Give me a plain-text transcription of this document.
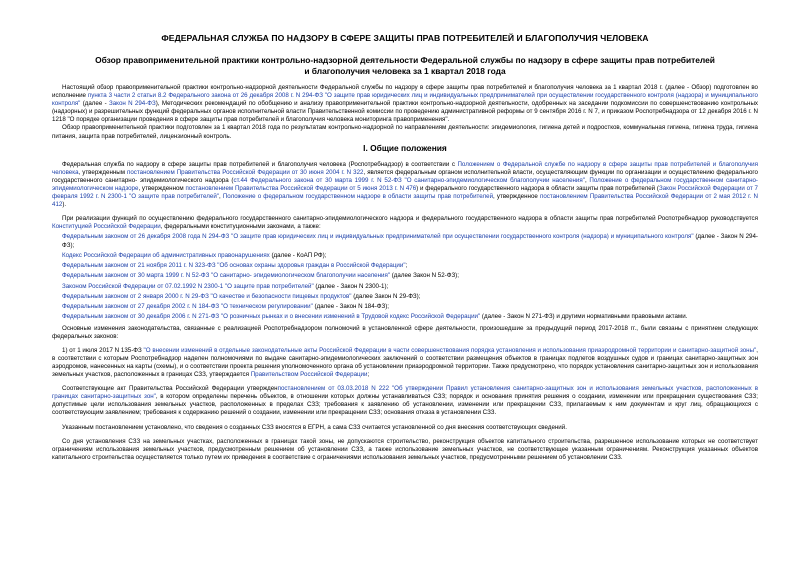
ФЕДЕРАЛЬНАЯ СЛУЖБА ПО НАДЗОРУ В СФЕРЕ ЗАЩИТЫ ПРАВ ПОТРЕБИТЕЛЕЙ И БЛАГОПОЛУЧИЯ ЧЕЛОВЕКА
Обзор правоприменительной практики контрольно-надзорной деятельности Федеральной службы по надзору в сфере защиты прав потребителей и благополучия человека за 1 квартал 2018 года

Настоящий обзор правоприменительной практики контрольно-надзорной деятельности Федеральной службы по надзору в сфере защиты прав потребителей и благополучия человека за 1 квартал 2018 г. (далее - Обзор) подготовлен во исполнение пункта 3 части 2 статьи 8.2 Федерального закона от 26 декабря 2008 г. N 294-ФЗ "О защите прав юридических лиц и индивидуальных предпринимателей при осуществлении государственного контроля (надзора) и муниципального контроля" (далее - Закон N 294-ФЗ), Методических рекомендаций по обобщению и анализу правоприменительной практики контрольно-надзорной деятельности, одобренных на заседании подкомиссии по совершенствованию контрольных (надзорных) и разрешительных функций федеральных органов исполнительной власти Правительственной комиссии по проведению административной реформы от 9 сентября 2016 г. N 7, и приказом Роспотребнадзора от 12 декабря 2016 г. N 1218 "О порядке организации проведения в сфере защиты прав потребителей и благополучия человека мониторинга правоприменения".

Обзор правоприменительной практики подготовлен за 1 квартал 2018 года по результатам контрольно-надзорной по направлениям деятельности: эпидемиология, гигиена детей и подростков, коммунальная гигиена, гигиена труда, гигиена питания, защита прав потребителей, лицензионный контроль.

I. Общие положения

Федеральная служба по надзору в сфере защиты прав потребителей и благополучия человека (Роспотребнадзор) в соответствии с Положением о Федеральной службе по надзору в сфере защиты прав потребителей и благополучия человека, утвержденным постановлением Правительства Российской Федерации от 30 июня 2004 г. N 322, является федеральным органом исполнительной власти, осуществляющим функции по организации и осуществлению федерального государственного санитарно- эпидемиологического надзора (ст.44 Федерального закона от 30 марта 1999 г. N 52-ФЗ "О санитарно-эпидемиологическом благополучии населения", Положение о федеральном государственном санитарно-эпидемиологическом надзоре, утвержденном постановлением Правительства Российской Федерации от 5 июня 2013 г. N 476) и федерального государственного надзора в области защиты прав потребителей (Закон Российской Федерации от 7 февраля 1992 г. N 2300-1 "О защите прав потребителей", Положение о федеральном государственном надзоре в области защиты прав потребителей, утвержденное постановлением Правительства Российской Федерации от 2 мая 2012 г. N 412).

При реализации функций по осуществлению федерального государственного санитарно-эпидемиологического надзора и федерального государственного надзора в области защиты прав потребителей Роспотребнадзор руководствуется Конституцией Российской Федерации, федеральными конституционными законами, а также:

Федеральным законом от 26 декабря 2008 года N 294-ФЗ "О защите прав юридических лиц и индивидуальных предпринимателей при осуществлении государственного контроля (надзора) и муниципального контроля" (далее - Закон N 294-ФЗ);

Кодекс Российской Федерации об административных правонарушениях (далее - КоАП РФ);

Федеральным законом от 21 ноября 2011 г. N 323-ФЗ "Об основах охраны здоровья граждан в Российской Федерации";

Федеральным законом от 30 марта 1999 г. N 52-ФЗ "О санитарно- эпидемиологическом благополучии населения" (далее Закон N 52-ФЗ);

Законом Российской Федерации от 07.02.1992 N 2300-1 "О защите прав потребителей" (далее - Закон N 2300-1);

Федеральным законом от 2 января 2000 г. N 29-ФЗ "О качестве и безопасности пищевых продуктов" (далее Закон N 29-ФЗ);

Федеральным законом от 27 декабря 2002 г. N 184-ФЗ "О техническом регулировании" (далее - Закон N 184-ФЗ);

Федеральным законом от 30 декабря 2006 г. N 271-ФЗ "О розничных рынках и о внесении изменений в Трудовой кодекс Российской Федерации" (далее - Закон N 271-ФЗ) и другими нормативными правовыми актами.

Основные изменения законодательства, связанные с реализацией Роспотребнадзором полномочий в установленной сфере деятельности, произошедшие за предыдущий период 2017-2018 гг., были связаны с принятием следующих федеральных законов:

1) от 1 июля 2017 N 135-ФЗ "О внесении изменений в отдельные законодательные акты Российской Федерации в части совершенствования порядка установления и использования приаэродромной территории и санитарно-защитной зоны", в соответствии с которым Роспотребнадзор наделен полномочиями по выдаче санитарно-эпидемиологических заключений о соответствии размещения объектов в границах подлетов воздушных судов и границах санитарно-защитных зон аэродромов, нанесенных на карты (схемы), и о соответствии проекта решения уполномоченного органа об установлении приаэродромной территории. Также предусмотрено, что порядок установления санитарно-защитных зон и использования земельных участков, расположенных в границах СЗЗ, утверждается Правительством Российской Федерации;

Соответствующие акт Правительства Российской Федерации утвержденпостановлением от 03.03.2018 N 222 "Об утверждении Правил установления санитарно-защитных зон и использования земельных участков, расположенных в границах санитарно-защитных зон", в котором определены перечень объектов, в отношении которых должны устанавливаться СЗЗ; порядок и основания принятия решения о создании, изменении или прекращении существования СЗЗ; допустимые цели использования земельных участков, расположенных в пределах СЗЗ; требования к заявлению об установлении, изменении или прекращении СЗЗ, прилагаемым к ним документам и круг лиц, обращающихся с соответствующим заявлением; требования к содержанию решений о создании, изменении или прекращении СЗЗ; основания отказа в установлении СЗЗ.

Указанным постановлением установлено, что сведения о созданных СЗЗ вносятся в ЕГРН, а сама СЗЗ считается установленной со дня внесения соответствующих сведений.

Со дня установления СЗЗ на земельных участках, расположенных в границах такой зоны, не допускаются строительство, реконструкция объектов капитального строительства, разрешенное использование которых не соответствует ограничениям использования земельных участков, предусмотренным решением об установлении СЗЗ, а также использование земельных участков, не соответствующее указанным ограничениям. Реконструкция указанных объектов капитального строительства осуществляется только путем их приведения в соответствие с ограничениями использования земельных участков, предусмотренными решением об установлении СЗЗ.
